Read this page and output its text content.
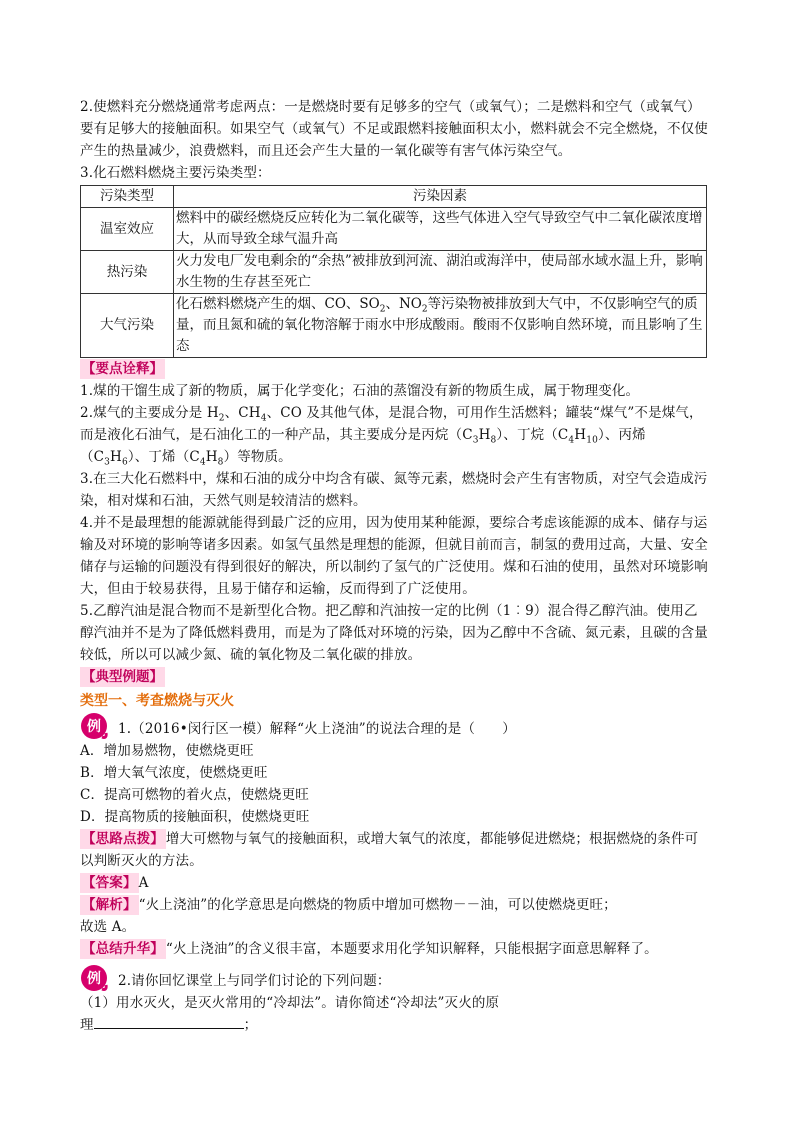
2.使燃料充分燃烧通常考虑两点：一是燃烧时要有足够多的空气（或氧气）；二是燃料和空气（或氧气）要有足够大的接触面积。如果空气（或氧气）不足或跟燃料接触面积太小，燃料就会不完全燃烧，不仅使产生的热量减少，浪费燃料，而且还会产生大量的一氧化碳等有害气体污染空气。

3.化石燃料燃烧主要污染类型：

污染类型	污染因素
温室效应	燃料中的碳经燃烧反应转化为二氧化碳等，这些气体进入空气导致空气中二氧化碳浓度增大，从而导致全球气温升高
热污染	火力发电厂发电剩余的“余热”被排放到河流、湖泊或海洋中，使局部水域水温上升，影响水生物的生存甚至死亡
大气污染	化石燃料燃烧产生的烟、CO、$SO_2$、$NO_2$等污染物被排放到大气中，不仅影响空气的质量，而且氮和硫的氧化物溶解于雨水中形成酸雨。酸雨不仅影响自然环境，而且影响了生态
【要点诠释】

1.煤的干馏生成了新的物质，属于化学变化；石油的蒸馏没有新的物质生成，属于物理变化。

2.煤气的主要成分是 $H_2$、$CH_4$、CO 及其他气体，是混合物，可用作生活燃料；罐装“煤气”不是煤气，而是液化石油气，是石油化工的一种产品，其主要成分是丙烷$(C_3H_8)$、丁烷$(C_4H_{10})$、丙烯$(C_3H_6)$、丁烯$(C_4H_8)$等物质。

3.在三大化石燃料中，煤和石油的成分中均含有碳、氮等元素，燃烧时会产生有害物质，对空气会造成污染，相对煤和石油，天然气则是较清洁的燃料。

4.并不是最理想的能源就能得到最广泛的应用，因为使用某种能源，要综合考虑该能源的成本、储存与运输及对环境的影响等诸多因素。如氢气虽然是理想的能源，但就目前而言，制氢的费用过高，大量、安全储存与运输的问题没有得到很好的解决，所以制约了氢气的广泛使用。煤和石油的使用，虽然对环境影响大，但由于较易获得，且易于储存和运输，反而得到了广泛使用。

5.乙醇汽油是混合物而不是新型化合物。把乙醇和汽油按一定的比例（1︰9）混合得乙醇汽油。使用乙醇汽油并不是为了降低燃料费用，而是为了降低对环境的污染，因为乙醇中不含硫、氮元素，且碳的含量较低，所以可以减少氮、硫的氧化物及二氧化碳的排放。

【典型例题】
类型一、考查燃烧与灭火
例	1.（2016•闵行区一模）解释“火上浇油”的说法合理的是（　　）

A．增加易燃物，使燃烧更旺

B．增大氧气浓度，使燃烧更旺

C．提高可燃物的着火点，使燃烧更旺

D．提高物质的接触面积，使燃烧更旺

【思路点拨】 增大可燃物与氧气的接触面积，或增大氧气的浓度，都能够促进燃烧；根据燃烧的条件可以判断灭火的方法。

【答案】 A

【解析】 “火上浇油”的化学意思是向燃烧的物质中增加可燃物－－油，可以使燃烧更旺；

故选 A。

【总结升华】 “火上浇油”的含义很丰富，本题要求用化学知识解释，只能根据字面意思解释了。

例	2.请你回忆课堂上与同学们讨论的下列问题：

（1）用水灭火，是灭火常用的“冷却法”。请你简述“冷却法”灭火的原

理	；
